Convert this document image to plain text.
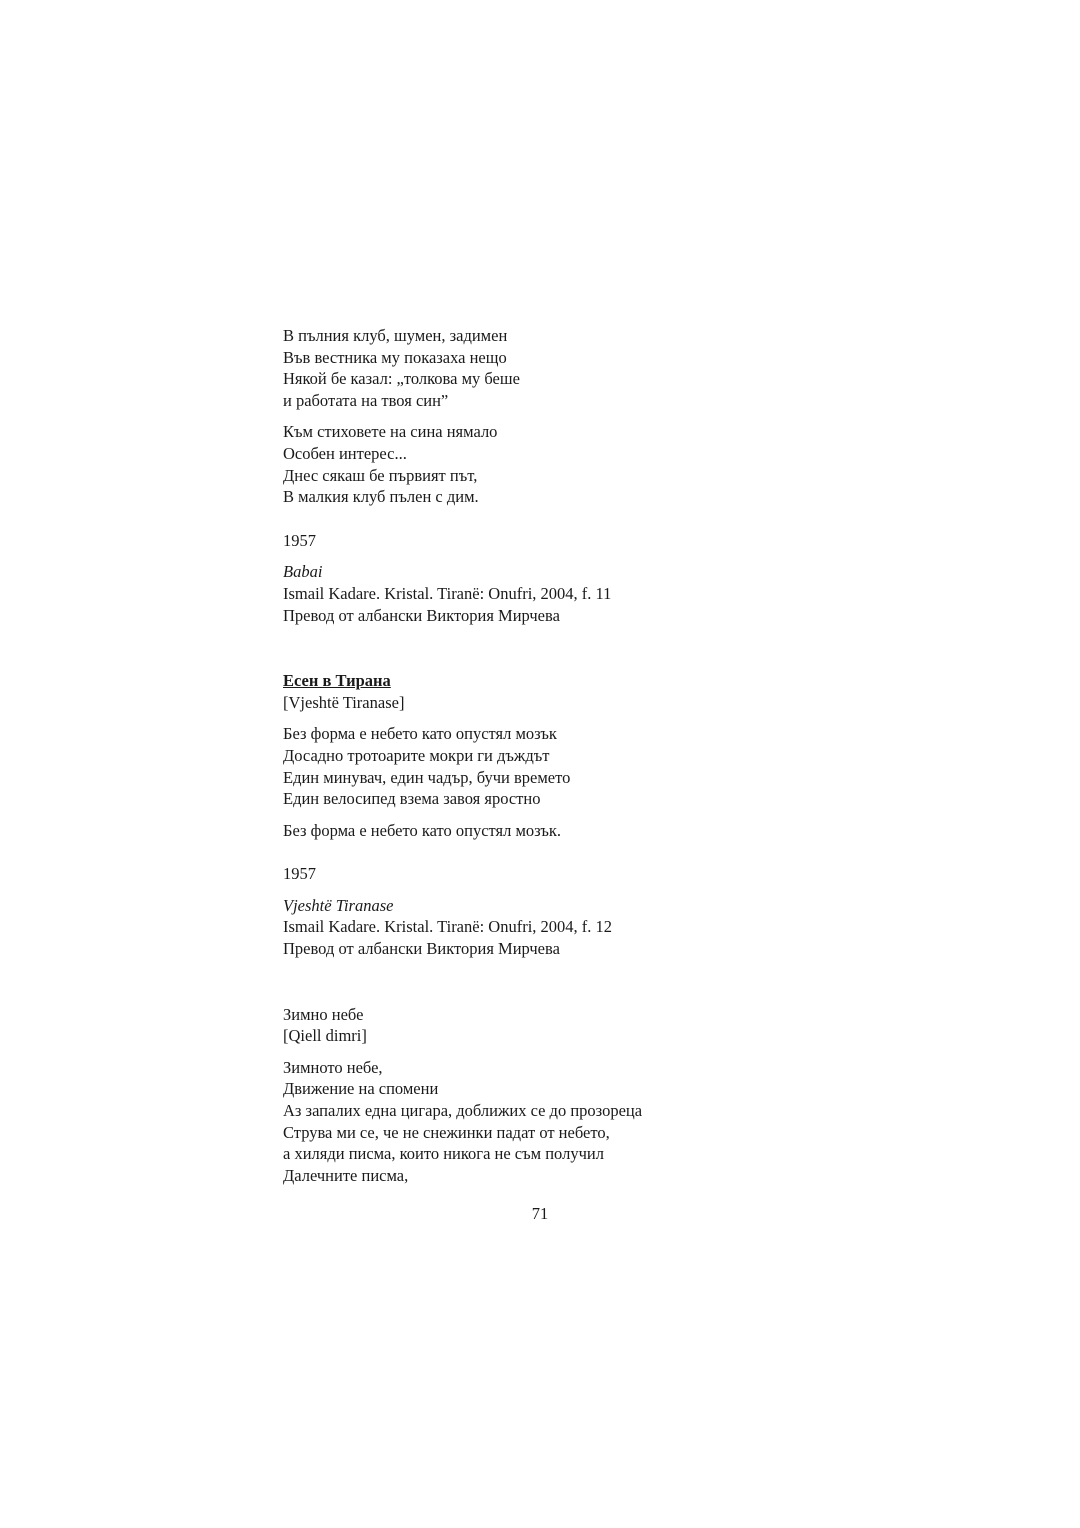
В пълния клуб, шумен, задимен
Във вестника му показаха нещо
Някой бе казал: „толкова му беше
и работата на твоя син”
Към стиховете на сина нямало
Особен интерес...
Днес сякаш бе първият път,
В малкия клуб пълен с дим.
1957
Babai
Ismail Kadare. Kristal. Tiranë: Onufri, 2004, f. 11
Превод от албански Виктория Мирчева
Есен в Тирана
[Vjeshtë Tiranase]
Без форма е небето като опустял мозък
Досадно тротоарите мокри ги дъждът
Един минувач, един чадър, бучи времето
Един велосипед взема завоя яростно
Без форма е небето като опустял мозък.
1957
Vjeshtë Tiranase
Ismail Kadare. Kristal. Tiranë: Onufri, 2004, f. 12
Превод от албански Виктория Мирчева
Зимно небе
[Qiell dimri]
Зимното небе,
Движение на спомени
Аз запалих една цигара, доближих се до прозореца
Струва ми се, че не снежинки падат от небето,
а хиляди писма, които никога не съм получил
Далечните писма,
71
